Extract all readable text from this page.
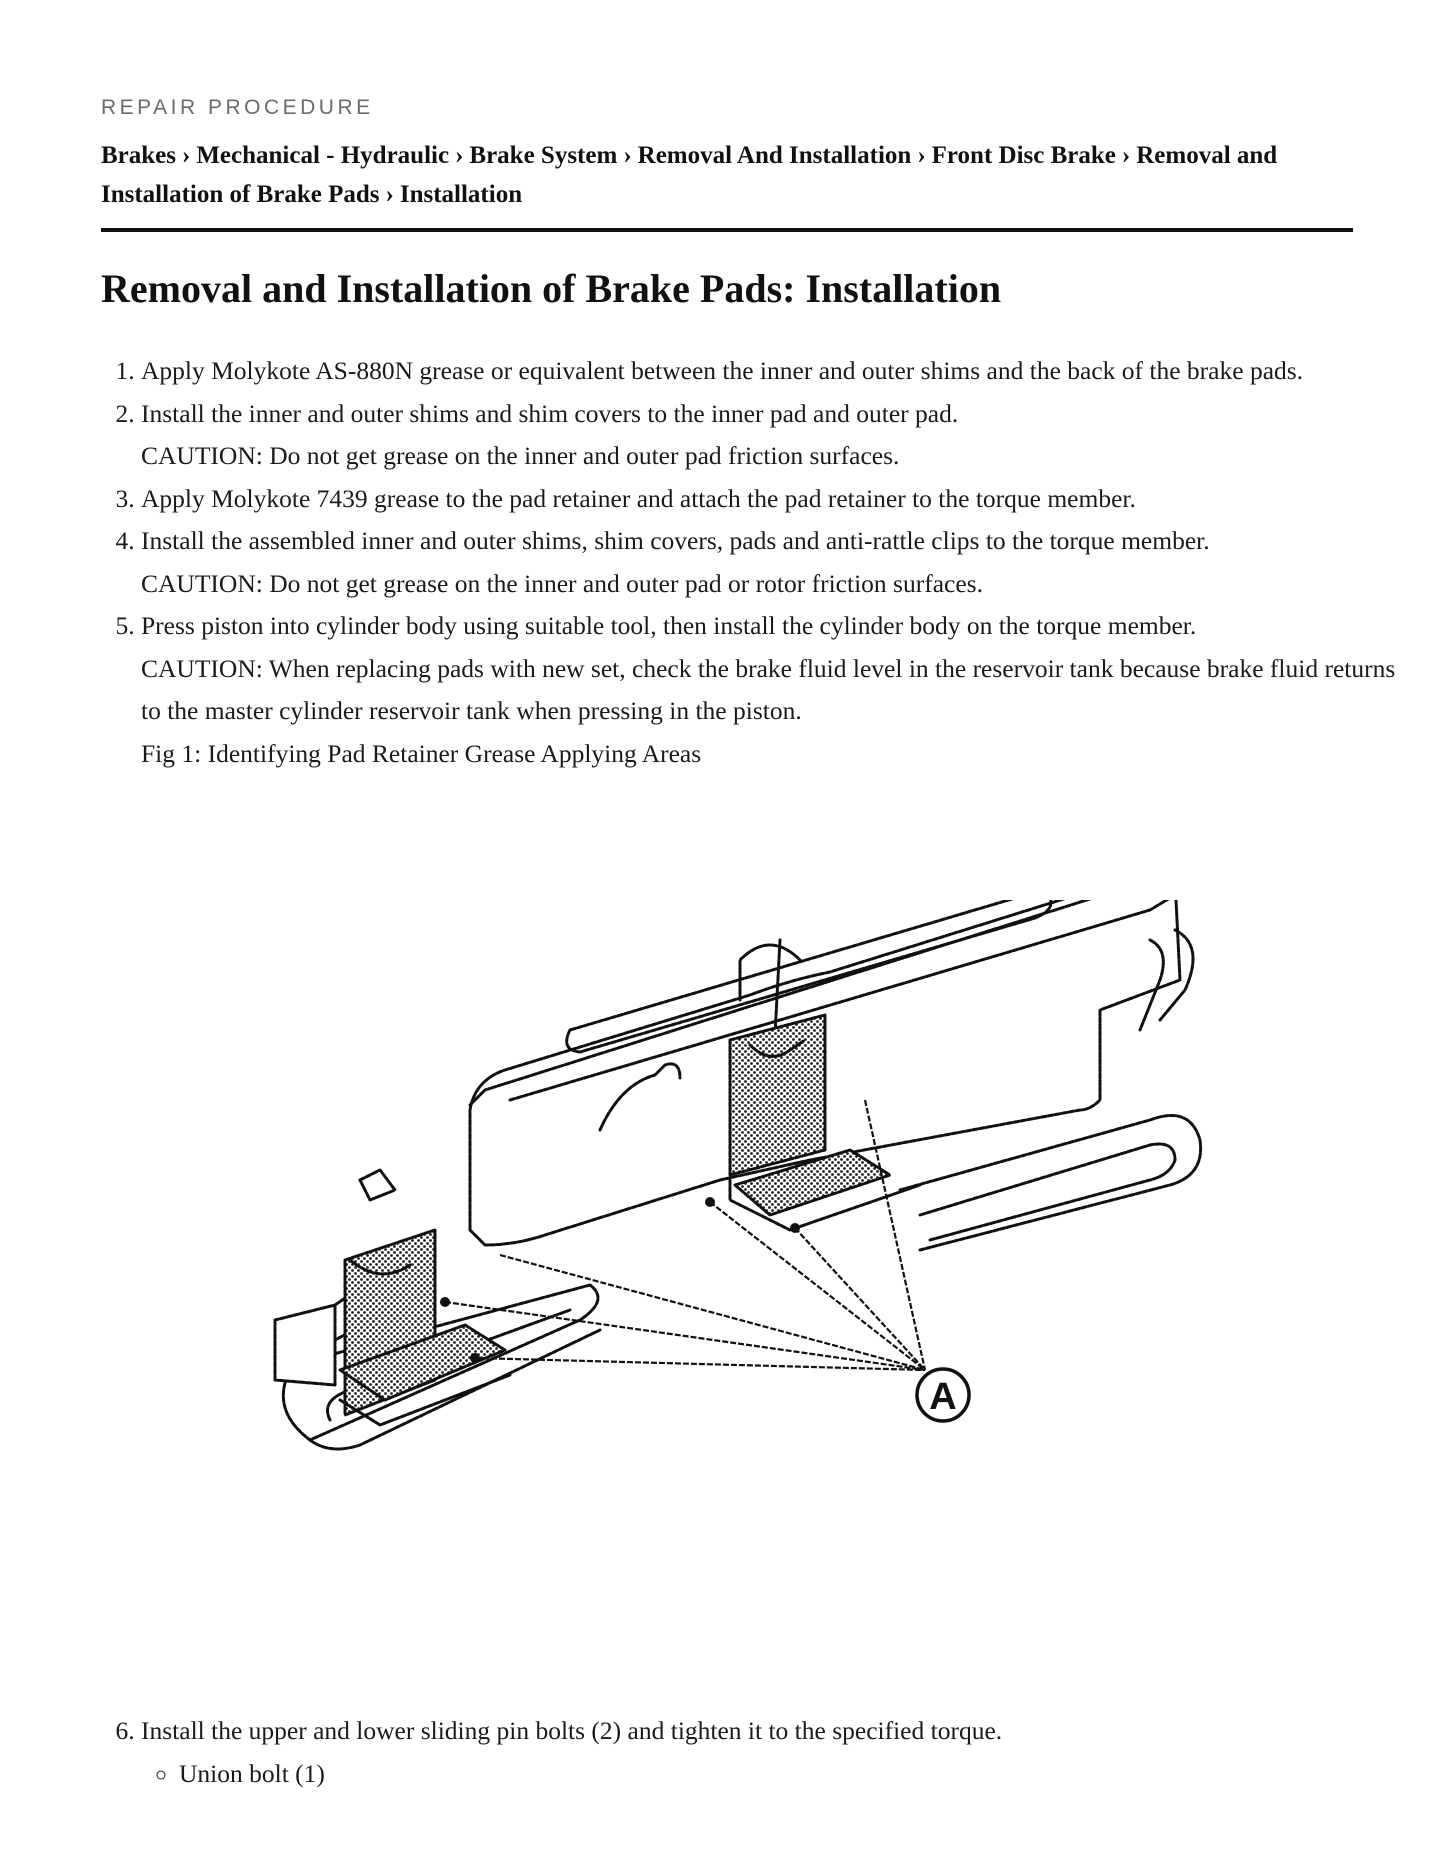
REPAIR PROCEDURE
Brakes › Mechanical - Hydraulic › Brake System › Removal And Installation › Front Disc Brake › Removal and Installation of Brake Pads › Installation
Removal and Installation of Brake Pads: Installation
1. Apply Molykote AS-880N grease or equivalent between the inner and outer shims and the back of the brake pads.
2. Install the inner and outer shims and shim covers to the inner pad and outer pad.
CAUTION: Do not get grease on the inner and outer pad friction surfaces.
3. Apply Molykote 7439 grease to the pad retainer and attach the pad retainer to the torque member.
4. Install the assembled inner and outer shims, shim covers, pads and anti-rattle clips to the torque member.
CAUTION: Do not get grease on the inner and outer pad or rotor friction surfaces.
5. Press piston into cylinder body using suitable tool, then install the cylinder body on the torque member.
CAUTION: When replacing pads with new set, check the brake fluid level in the reservoir tank because brake fluid returns to the master cylinder reservoir tank when pressing in the piston.
Fig 1: Identifying Pad Retainer Grease Applying Areas
A
6. Install the upper and lower sliding pin bolts (2) and tighten it to the specified torque.
◦ Union bolt (1)
